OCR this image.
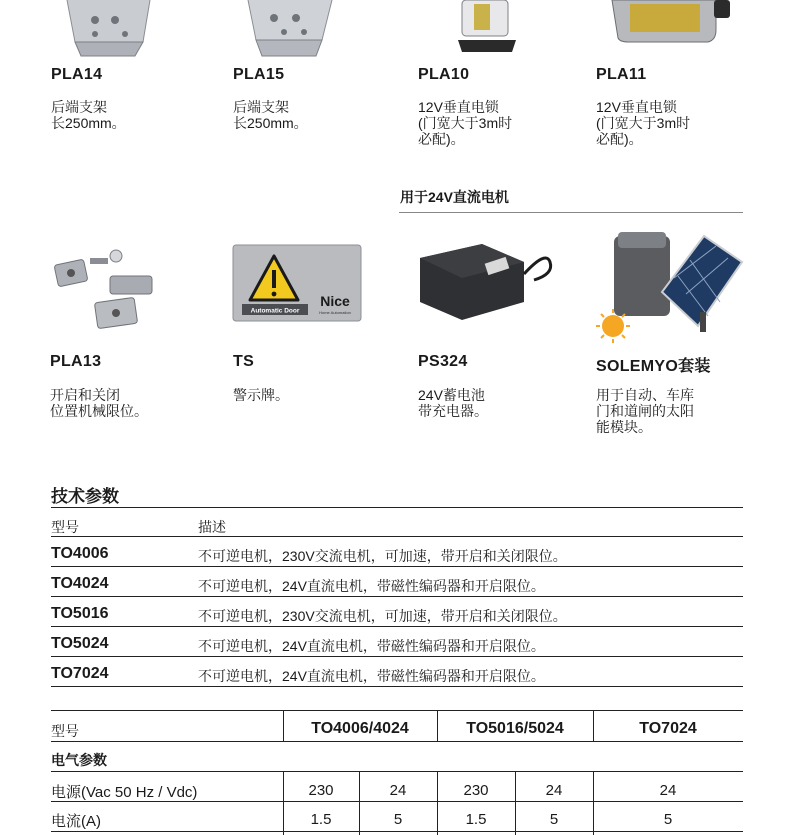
PLA14
后端支架
长250mm。
PLA15
后端支架
长250mm。
PLA10
12V垂直电锁
(门宽大于3m时
必配)。
PLA11
12V垂直电锁
(门宽大于3m时
必配)。
用于24V直流电机
Automatic Door
Nice
Home Automation
PLA13
开启和关闭
位置机械限位。
TS
警示牌。
PS324
24V蓄电池
带充电器。
SOLEMYO套装
用于自动、车库
门和道闸的太阳
能模块。
技术参数
型号	描述
TO4006	不可逆电机，230V交流电机，可加速，带开启和关闭限位。
TO4024	不可逆电机，24V直流电机，带磁性编码器和开启限位。
TO5016	不可逆电机，230V交流电机，可加速，带开启和关闭限位。
TO5024	不可逆电机，24V直流电机，带磁性编码器和开启限位。
TO7024	不可逆电机，24V直流电机，带磁性编码器和开启限位。
型号	TO4006/4024	TO5016/5024	TO7024
电气参数
电源(Vac 50 Hz / Vdc)	230	24	230	24	24
电流(A)	1.5	5	1.5	5	5
